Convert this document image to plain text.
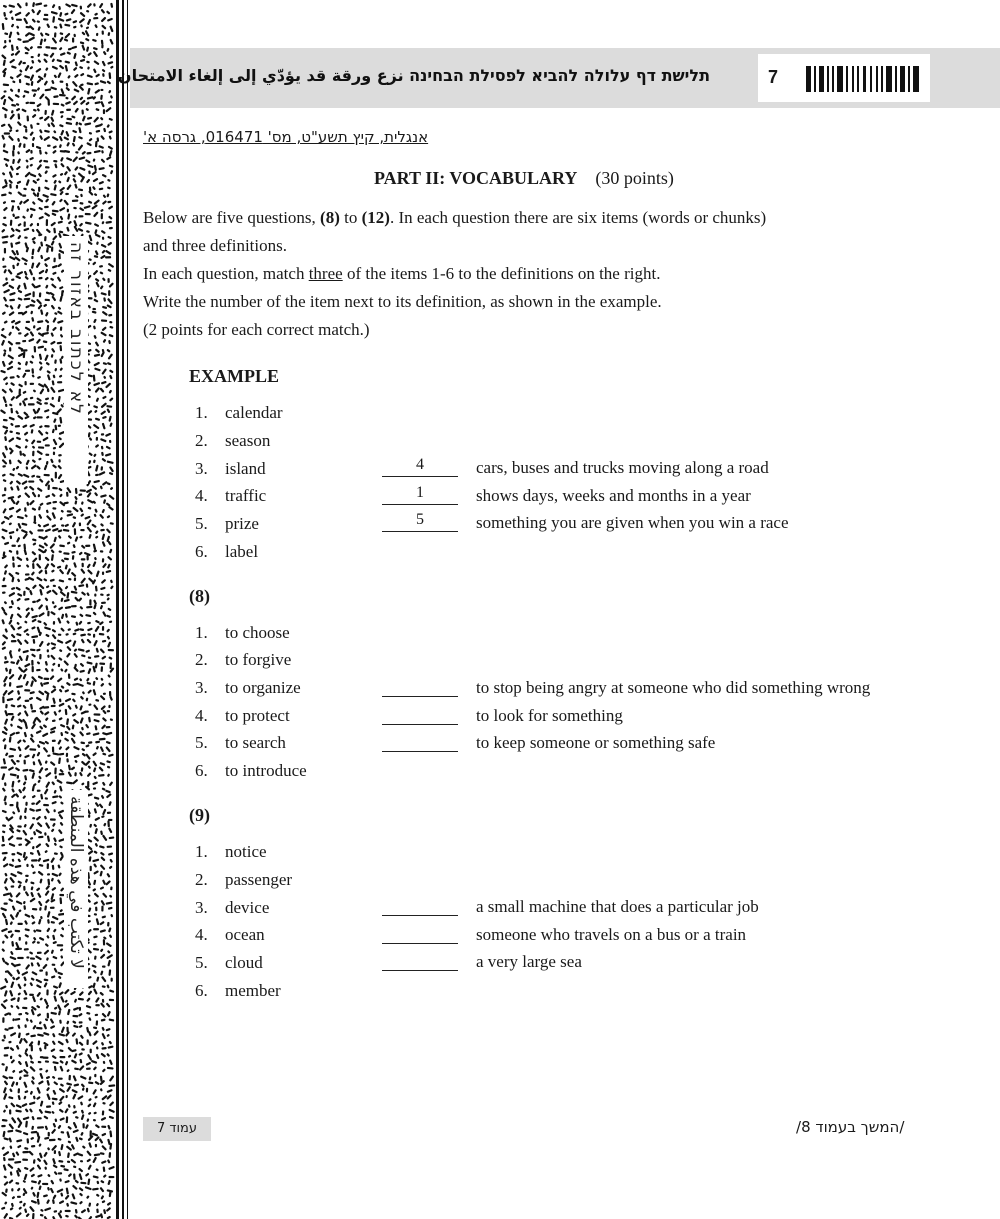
לא לכתוב באזור זה
لا تكتب في هذه المنطقة
תלישת דף עלולה להביא לפסילת הבחינה نزع ورقة قد يؤدّي إلى إلغاء الامتحان	7
אנגלית, קיץ תשע"ט, מס' 016471, גרסה א'
PART II: VOCABULARY (30 points)

Below are five questions, (8) to (12). In each question there are six items (words or chunks)

and three definitions.

In each question, match three of the items 1-6 to the definitions on the right.

Write the number of the item next to its definition, as shown in the example.

(2 points for each correct match.)

EXAMPLE

1. calendar
2. season
3. island
4. traffic
5. prize
6. label
4	cars, buses and trucks moving along a road
1	shows days, weeks and months in a year
5	something you are given when you win a race

(8)

1. to choose
2. to forgive
3. to organize
4. to protect
5. to search
6. to introduce
to stop being angry at someone who did something wrong
to look for something
to keep someone or something safe

(9)

1. notice
2. passenger
3. device
4. ocean
5. cloud
6. member
a small machine that does a particular job
someone who travels on a bus or a train
a very large sea
עמוד 7	/המשך בעמוד 8/
